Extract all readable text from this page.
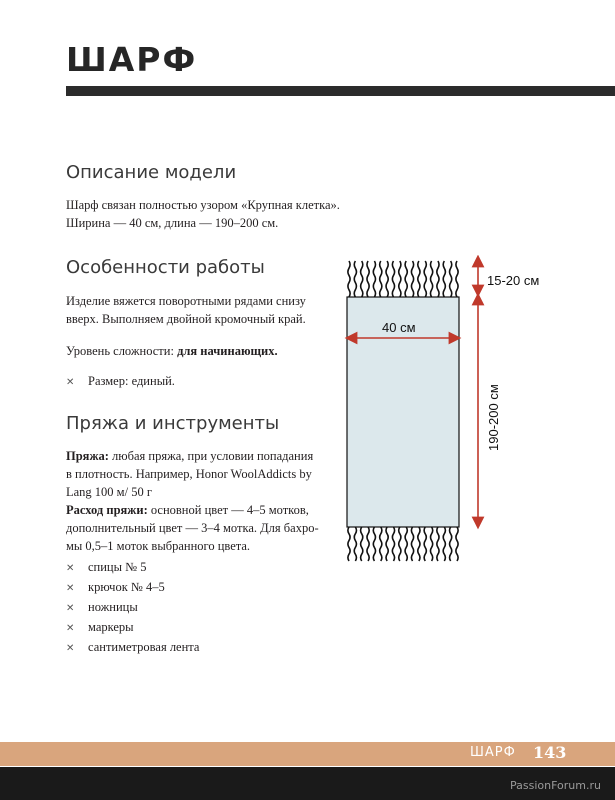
ШАРФ
Описание модели
Шарф связан полностью узором «Крупная клетка».
Ширина — 40 см, длина — 190–200 см.
Особенности работы
Изделие вяжется поворотными рядами снизу
вверх. Выполняем двойной кромочный край.
Уровень сложности: для начинающих.
✕	Размер: единый.
Пряжа и инструменты
Пряжа: любая пряжа, при условии попадания
в плотность. Например, Honor WoolAddicts by
Lang 100 м/ 50 г
Расход пряжи: основной цвет — 4–5 мотков,
дополнительный цвет — 3–4 мотка. Для бахро-
мы 0,5–1 моток выбранного цвета.
✕	спицы № 5
✕	крючок № 4–5
✕	ножницы
✕	маркеры
✕	сантиметровая лента
15-20 см
40 см
190-200 см
ШАРФ 143
PassionForum.ru
